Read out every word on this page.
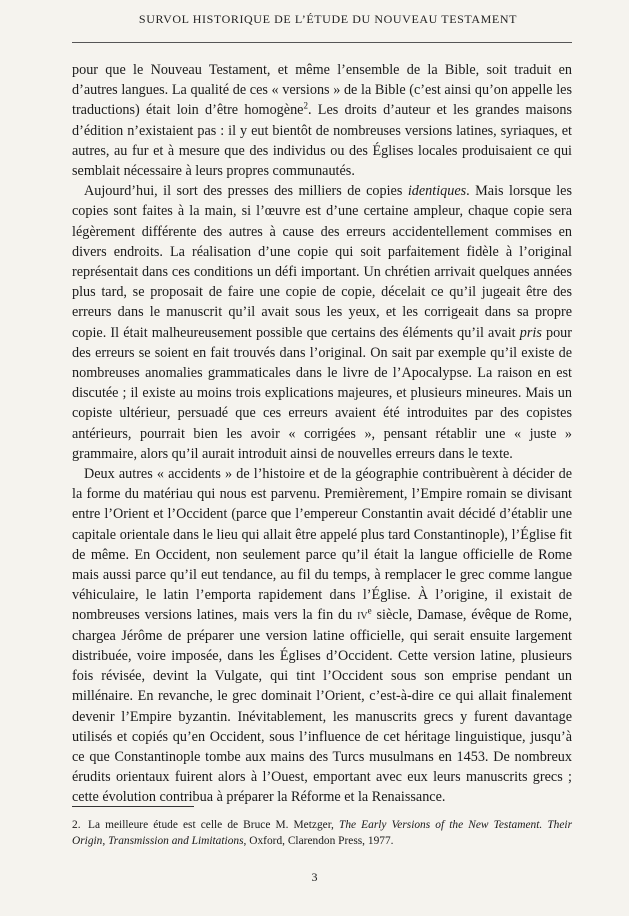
SURVOL HISTORIQUE DE L’ÉTUDE DU NOUVEAU TESTAMENT

pour que le Nouveau Testament, et même l’ensemble de la Bible, soit traduit en d’autres langues. La qualité de ces « versions » de la Bible (c’est ainsi qu’on appelle les traductions) était loin d’être homogène$^2$. Les droits d’auteur et les grandes maisons d’édition n’existaient pas : il y eut bientôt de nombreuses versions latines, syriaques, et autres, au fur et à mesure que des individus ou des Églises locales produisaient ce qui semblait nécessaire à leurs propres communautés.

Aujourd’hui, il sort des presses des milliers de copies identiques. Mais lorsque les copies sont faites à la main, si l’œuvre est d’une certaine ampleur, chaque copie sera légèrement différente des autres à cause des erreurs accidentellement commises en divers endroits. La réalisation d’une copie qui soit parfaitement fidèle à l’original représentait dans ces conditions un défi important. Un chrétien arrivait quelques années plus tard, se proposait de faire une copie de copie, décelait ce qu’il jugeait être des erreurs dans le manuscrit qu’il avait sous les yeux, et les corrigeait dans sa propre copie. Il était malheureusement possible que certains des éléments qu’il avait pris pour des erreurs se soient en fait trouvés dans l’original. On sait par exemple qu’il existe de nombreuses anomalies grammaticales dans le livre de l’Apocalypse. La raison en est discutée ; il existe au moins trois explications majeures, et plusieurs mineures. Mais un copiste ultérieur, persuadé que ces erreurs avaient été introduites par des copistes antérieurs, pourrait bien les avoir « corrigées », pensant rétablir une « juste » grammaire, alors qu’il aurait introduit ainsi de nouvelles erreurs dans le texte.

Deux autres « accidents » de l’histoire et de la géographie contribuèrent à décider de la forme du matériau qui nous est parvenu. Premièrement, l’Empire romain se divisant entre l’Orient et l’Occident (parce que l’empereur Constantin avait décidé d’établir une capitale orientale dans le lieu qui allait être appelé plus tard Constantinople), l’Église fit de même. En Occident, non seulement parce qu’il était la langue officielle de Rome mais aussi parce qu’il eut tendance, au fil du temps, à remplacer le grec comme langue véhiculaire, le latin l’emporta rapidement dans l’Église. À l’origine, il existait de nombreuses versions latines, mais vers la fin du $iv^e$ siècle, Damase, évêque de Rome, chargea Jérôme de préparer une version latine officielle, qui serait ensuite largement distribuée, voire imposée, dans les Églises d’Occident. Cette version latine, plusieurs fois révisée, devint la Vulgate, qui tint l’Occident sous son emprise pendant un millénaire. En revanche, le grec dominait l’Orient, c’est-à-dire ce qui allait finalement devenir l’Empire byzantin. Inévitablement, les manuscrits grecs y furent davantage utilisés et copiés qu’en Occident, sous l’influence de cet héritage linguistique, jusqu’à ce que Constantinople tombe aux mains des Turcs musulmans en 1453. De nombreux érudits orientaux fuirent alors à l’Ouest, emportant avec eux leurs manuscrits grecs ; cette évolution contribua à préparer la Réforme et la Renaissance.

2. La meilleure étude est celle de Bruce M. Metzger, The Early Versions of the New Testament. Their Origin, Transmission and Limitations, Oxford, Clarendon Press, 1977.
3
